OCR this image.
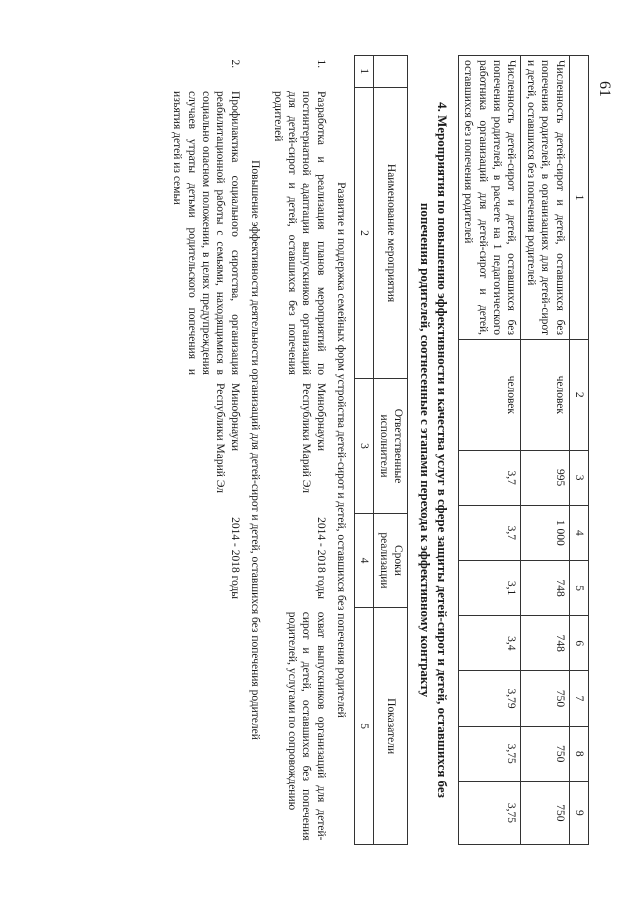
61

1	2	3	4	5	6	7	8	9
Численность детей-сирот и детей, оставшихся без попечения родителей, в организациях для детей-сирот и детей, оставшихся без попечения родителей	человек	995	1 000	748	748	750	750	750
Численность детей-сирот и детей, оставшихся без попечения родителей, в расчете на 1 педагогического работника организаций для детей-сирот и детей, оставшихся без попечения родителей	человек	3,7	3,7	3,1	3,4	3,79	3,75	3,75

4. Мероприятия по повышению эффективности и качества услуг в сфере защиты детей-сирот и детей, оставшихся без попечения родителей, соотнесенные с этапами перехода к эффективному контракту

	Наименование мероприятия	Ответственные исполнители	Сроки реализации	Показатели
1	2	3	4	5
Развитие и поддержка семейных форм устройства детей-сирот и детей, оставшихся без попечения родителей				
1.	Разработка и реализация планов мероприятий по постинтернатной адаптации выпускников организаций для детей-сирот и детей, оставшихся без попечения родителей	Минобрнауки Республики Марий Эл	2014 - 2018 годы	охват выпускников организаций для детей-сирот и детей, оставшихся без попечения родителей, услугами по сопровождению
Повышение эффективности деятельности организаций для детей-сирот и детей, оставшихся без попечения родителей				
2.	Профилактика социального сиротства, организация реабилитационной работы с семьями, находящимися в социально опасном положении, в целях предупреждения случаев утраты детьми родительского попечения и изъятия детей из семьи	Минобрнауки Республики Марий Эл	2014 - 2018 годы	
